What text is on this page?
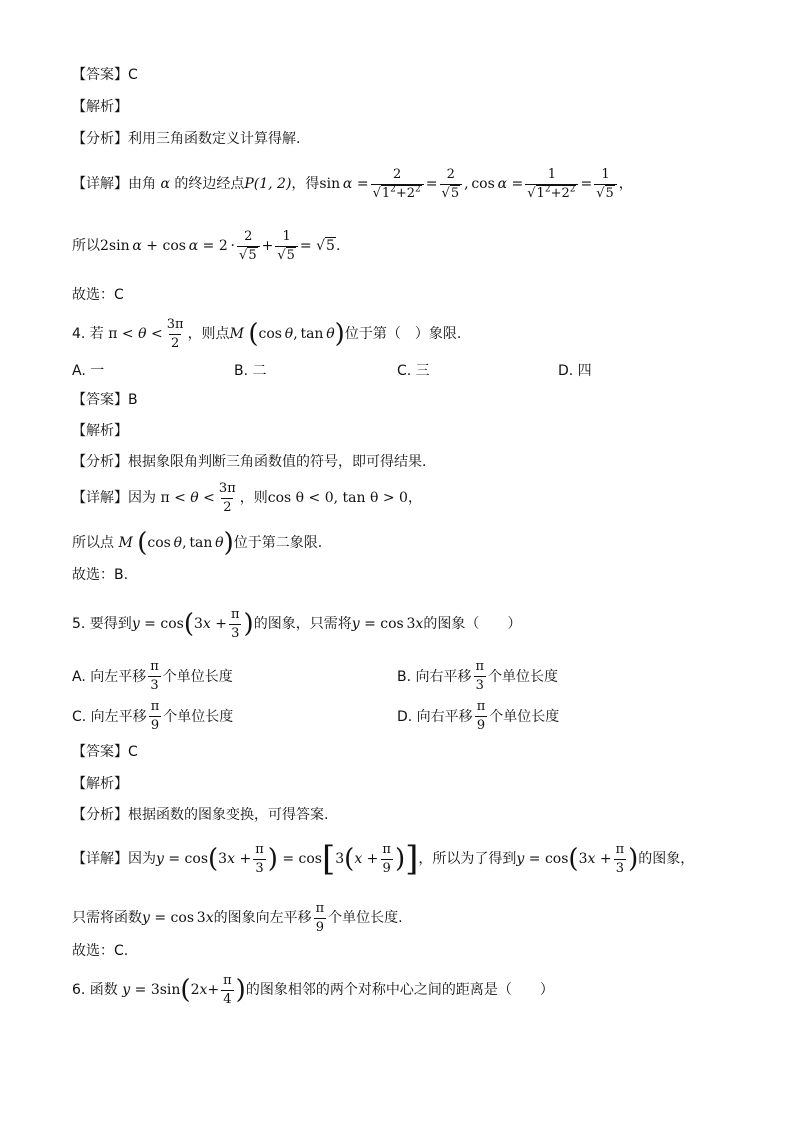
【答案】C
【解析】
【分析】利用三角函数定义计算得解.
【详解】由角 α 的终边经点 P(1, 2) ，得 $\sin \alpha = \frac{2}{√1^2+2^2} = \frac{2}{√5}$ , $\cos \alpha = \frac{1}{√1^2+2^2} = \frac{1}{√5}$ ，
所以 2sin  $\alpha + \cos \alpha = 2 \cdot \frac{2}{√5} + \frac{1}{√5} = √5$ .
故选：C
4. 若 $\pi < \theta < \frac{3\pi}{2}$ ，则点 M
( cos  θ , tan  θ ) 位于第（　）象限.
A. 一	B. 二	C. 三	D. 四
【答案】B
【解析】
【分析】根据象限角判断三角函数值的符号，即可得结果.
【详解】因为 $\pi < \theta < \frac{3\pi}{2}$ ，则 cos θ < 0, tan θ > 0 ，
所以点
M
( cos  θ , tan  θ ) 位于第二象限.
故选：B.
5. 要得到 y = cos ( 3 $x + \frac{\pi}{3}$ ) 的图象，只需将 y = cos 3x 的图象（　　）
A. 向左平移 $\frac{\pi}{3}$ 个单位长度	B. 向右平移 $\frac{\pi}{3}$ 个单位长度
C. 向左平移 $\frac{\pi}{9}$ 个单位长度	D. 向右平移 $\frac{\pi}{9}$ 个单位长度
【答案】C
【解析】
【分析】根据函数的图象变换，可得答案.
【详解】因为 y = cos ( 3 $x + \frac{\pi}{3}$ ) = cos [ 3 ( $x + \frac{\pi}{9}$ ) ] ，所以为了得到 y = cos ( 3 $x + \frac{\pi}{3}$ ) 的图象，
只需将函数 y = cos 3x 的图象向左平移 $\frac{\pi}{9}$ 个单位长度.
故选：C.
6. 函数
y = 3sin ( 2 $x + \frac{\pi}{4}$ ) 的图象相邻的两个对称中心之间的距离是（　　）
